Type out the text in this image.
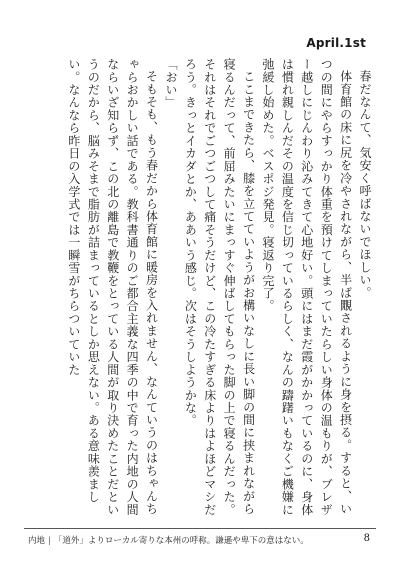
April.1st

春だなんて、気安く呼ばないでほしい。

体育館の床に尻を冷やされながら、半ば覵されるように身を摂る。すると、いつの間にやらすっかり体重を預けてしまっていたらしい身体の温もりが、ブレザー越しにじんわり沁みてきて心地好い。頭にはまだ霞がかかっているのに、身体は慣れ親しんだその温度を信じ切っているらしく、なんの躊躇いもなくご機嫌に弛緩し始めた。ベスポジ発見。寝返り完了。

ここまできたら、膝を立てていようがお構いなしに長い脚の間に挟まれながら寝るんだって、前屈みたいにまっすぐ伸ばしてもらった脚の上で寝るんだった。それはそれでごつごつして痛そうだけど、この冷たすぎる床よりはよほどマシだろう。きっとイカダとか、ああいう感じ。次はそうしようかな。

「おい」

そもそも、もう春だから体育館に暖房を入れません、なんていうのはちゃんちゃらおかしい話である。教科書通りのご都合主義な四季の中で育った内地の人間ならいざ知らず、この北の離島で教鞭をとっている人間が取り決めたことだというのだから、脳みそまで脂肪が詰まっているとしか思えない。ある意味羨ましい。なんなら昨日の入学式では一瞬雪がちらついていた

内地 | 「道外」よりローカル寄りな本州の呼称。謙遜や卑下の意はない。	8
